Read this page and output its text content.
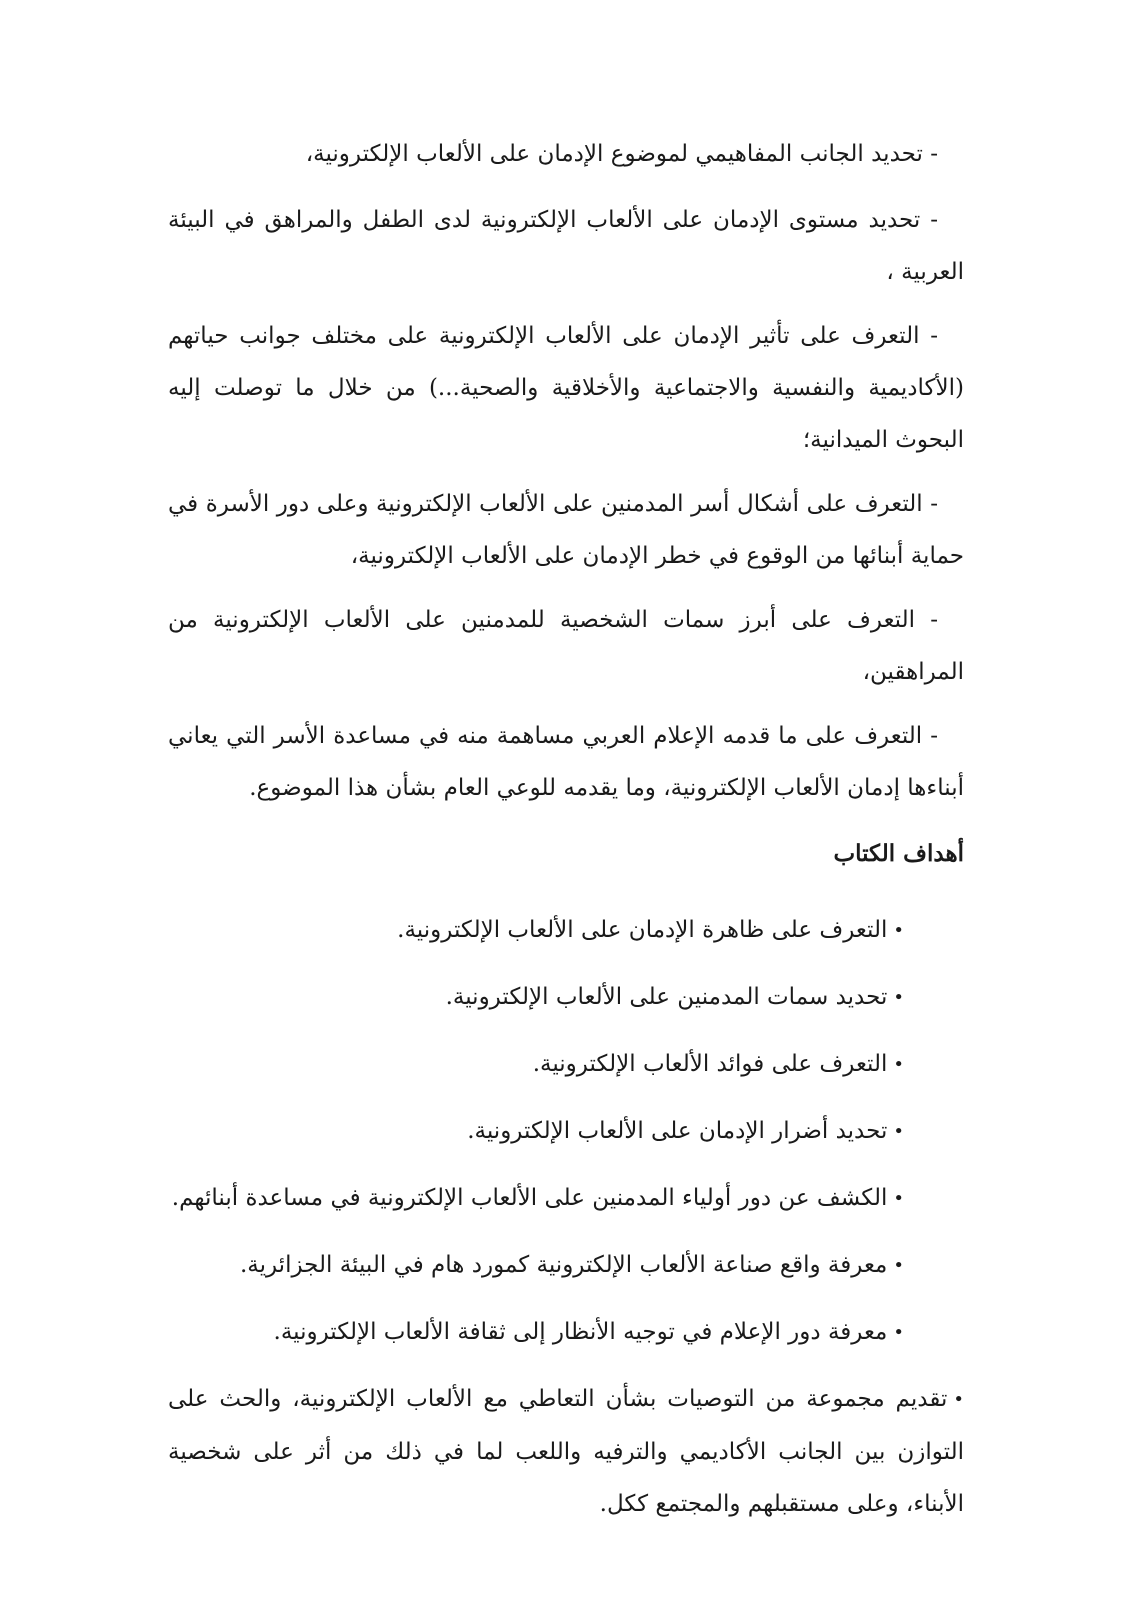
- تحديد الجانب المفاهيمي لموضوع الإدمان على الألعاب الإلكترونية،

- تحديد مستوى الإدمان على الألعاب الإلكترونية لدى الطفل والمراهق في البيئة العربية ،

- التعرف على تأثير الإدمان على الألعاب الإلكترونية على مختلف جوانب حياتهم (الأكاديمية والنفسية والاجتماعية والأخلاقية والصحية...) من خلال ما توصلت إليه البحوث الميدانية؛

- التعرف على أشكال أسر المدمنين على الألعاب الإلكترونية وعلى دور الأسرة في حماية أبنائها من الوقوع في خطر الإدمان على الألعاب الإلكترونية،

- التعرف على أبرز سمات الشخصية للمدمنين على الألعاب الإلكترونية من المراهقين،

- التعرف على ما قدمه الإعلام العربي مساهمة منه في مساعدة الأسر التي يعاني أبناءها إدمان الألعاب الإلكترونية، وما يقدمه للوعي العام بشأن هذا الموضوع.

أهداف الكتاب
•التعرف على ظاهرة الإدمان على الألعاب الإلكترونية.
•تحديد سمات المدمنين على الألعاب الإلكترونية.
•التعرف على فوائد الألعاب الإلكترونية.
•تحديد أضرار الإدمان على الألعاب الإلكترونية.
•الكشف عن دور أولياء المدمنين على الألعاب الإلكترونية في مساعدة أبنائهم.
•معرفة واقع صناعة الألعاب الإلكترونية كمورد هام في البيئة الجزائرية.
•معرفة دور الإعلام في توجيه الأنظار إلى ثقافة الألعاب الإلكترونية.
•تقديم مجموعة من التوصيات بشأن التعاطي مع الألعاب الإلكترونية، والحث على التوازن بين الجانب الأكاديمي والترفيه واللعب لما في ذلك من أثر على شخصية الأبناء، وعلى مستقبلهم والمجتمع ككل.
